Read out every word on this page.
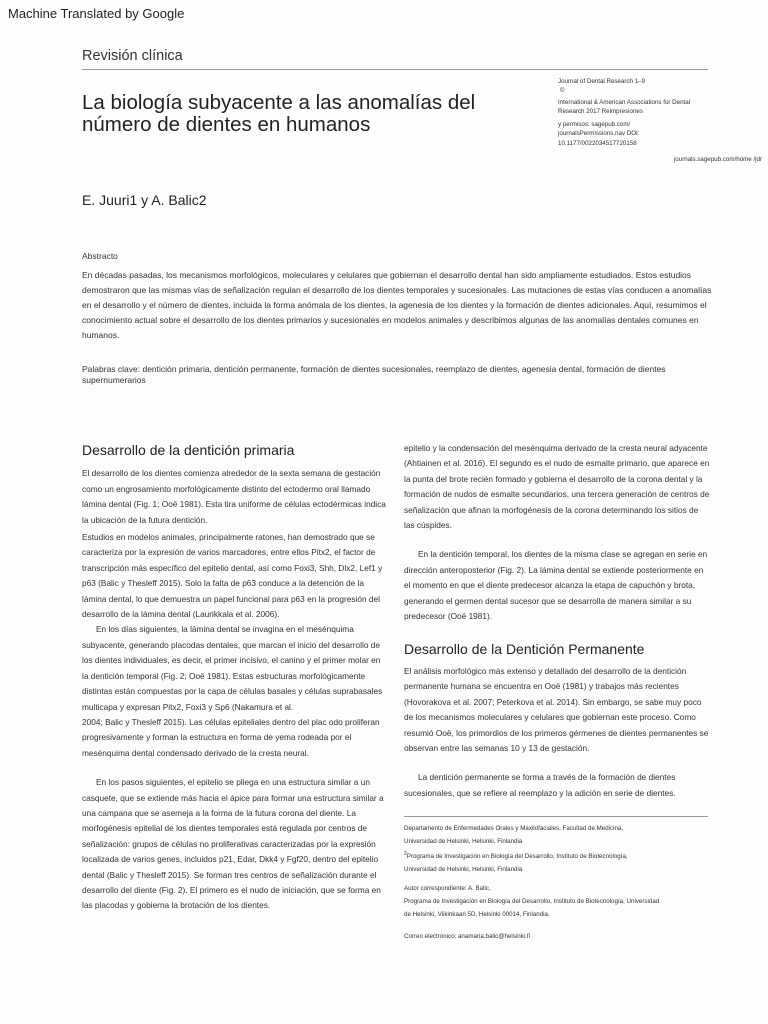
Machine Translated by Google
Revisión clínica
La biología subyacente a las anomalías del número de dientes en humanos
Journal of Dental Research 1–9
©
International & American Associations for Dental Research 2017 Reimpresiones
y permisos: sagepub.com/
journalsPermissions.nav DOI: 10.1177/0022034517720158
journals.sagepub.com/home /jdr
E. Juuri1 y A. Balic2
Abstracto
En décadas pasadas, los mecanismos morfológicos, moleculares y celulares que gobiernan el desarrollo dental han sido ampliamente estudiados. Estos estudios demostraron que las mismas vías de señalización regulan el desarrollo de los dientes temporales y sucesionales. Las mutaciones de estas vías conducen a anomalías en el desarrollo y el número de dientes, incluida la forma anómala de los dientes, la agenesia de los dientes y la formación de dientes adicionales. Aquí, resumimos el conocimiento actual sobre el desarrollo de los dientes primarios y sucesionales en modelos animales y describimos algunas de las anomalías dentales comunes en humanos.
Palabras clave: dentición primaria, dentición permanente, formación de dientes sucesionales, reemplazo de dientes, agenesia dental, formación de dientes supernumerarios
Desarrollo de la dentición primaria

El desarrollo de los dientes comienza alrededor de la sexta semana de gestación como un engrosamiento morfológicamente distinto del ectodermo oral llamado lámina dental (Fig. 1; Ooë 1981). Esta tira uniforme de células ectodérmicas indica la ubicación de la futura dentición.

Estudios en modelos animales, principalmente ratones, han demostrado que se caracteriza por la expresión de varios marcadores, entre ellos Pitx2, el factor de transcripción más específico del epitelio dental, así como Foxi3, Shh, Dlx2, Lef1 y p63 (Balic y Thesleff 2015). Solo la falta de p63 conduce a la detención de la lámina dental, lo que demuestra un papel funcional para p63 en la progresión del desarrollo de la lámina dental (Laurikkala et al. 2006).

En los días siguientes, la lámina dental se invagina en el mesénquima subyacente, generando placodas dentales, que marcan el inicio del desarrollo de los dientes individuales, es decir, el primer incisivo, el canino y el primer molar en la dentición temporal (Fig. 2; Ooë 1981). Estas estructuras morfológicamente distintas están compuestas por la capa de células basales y células suprabasales multicapa y expresan Pitx2, Foxi3 y Sp6 (Nakamura et al.

2004; Balic y Thesleff 2015). Las células epiteliales dentro del plac odo proliferan progresivamente y forman la estructura en forma de yema rodeada por el mesénquima dental condensado derivado de la cresta neural.

En los pasos siguientes, el epitelio se pliega en una estructura similar a un casquete, que se extiende más hacia el ápice para formar una estructura similar a una campana que se asemeja a la forma de la futura corona del diente. La morfogénesis epitelial de los dientes temporales está regulada por centros de señalización: grupos de células no proliferativas caracterizadas por la expresión localizada de varios genes, incluidos p21, Edar, Dkk4 y Fgf20, dentro del epitelio dental (Balic y Thesleff 2015). Se forman tres centros de señalización durante el desarrollo del diente (Fig. 2). El primero es el nudo de iniciación, que se forma en las placodas y gobierna la brotación de los dientes.

epitelio y la condensación del mesénquima derivado de la cresta neural adyacente (Ahtiainen et al. 2016). El segundo es el nudo de esmalte primario, que aparece en la punta del brote recién formado y gobierna el desarrollo de la corona dental y la formación de nudos de esmalte secundarios, una tercera generación de centros de señalización que afinan la morfogénesis de la corona determinando los sitios de las cúspides.

En la dentición temporal, los dientes de la misma clase se agregan en serie en dirección anteroposterior (Fig. 2). La lámina dental se extiende posteriormente en el momento en que el diente predecesor alcanza la etapa de capuchón y brota, generando el germen dental sucesor que se desarrolla de manera similar a su predecesor (Ooë 1981).

Desarrollo de la Dentición Permanente

El análisis morfológico más extenso y detallado del desarrollo de la dentición permanente humana se encuentra en Ooë (1981) y trabajos más recientes (Hovorakova et al. 2007; Peterkova et al. 2014). Sin embargo, se sabe muy poco de los mecanismos moleculares y celulares que gobiernan este proceso. Como resumió Ooë, los primordios de los primeros gérmenes de dientes permanentes se observan entre las semanas 10 y 13 de gestación.

La dentición permanente se forma a través de la formación de dientes sucesionales, que se refiere al reemplazo y la adición en serie de dientes.

Departamento de Enfermedades Orales y Maxilofaciales, Facultad de Medicina,
Universidad de Helsinki, Helsinki, Finlandia
$^2$Programa de Investigación en Biología del Desarrollo, Instituto de Biotecnología,
Universidad de Helsinki, Helsinki, Finlandia
Autor correspondiente: A. Balic,
Programa de Investigación en Biología del Desarrollo, Instituto de Biotecnología, Universidad
de Helsinki, Viikinkaari 5D, Helsinki 00014, Finlandia.
Correo electrónico: anamaria.balic@helsinki.fi
